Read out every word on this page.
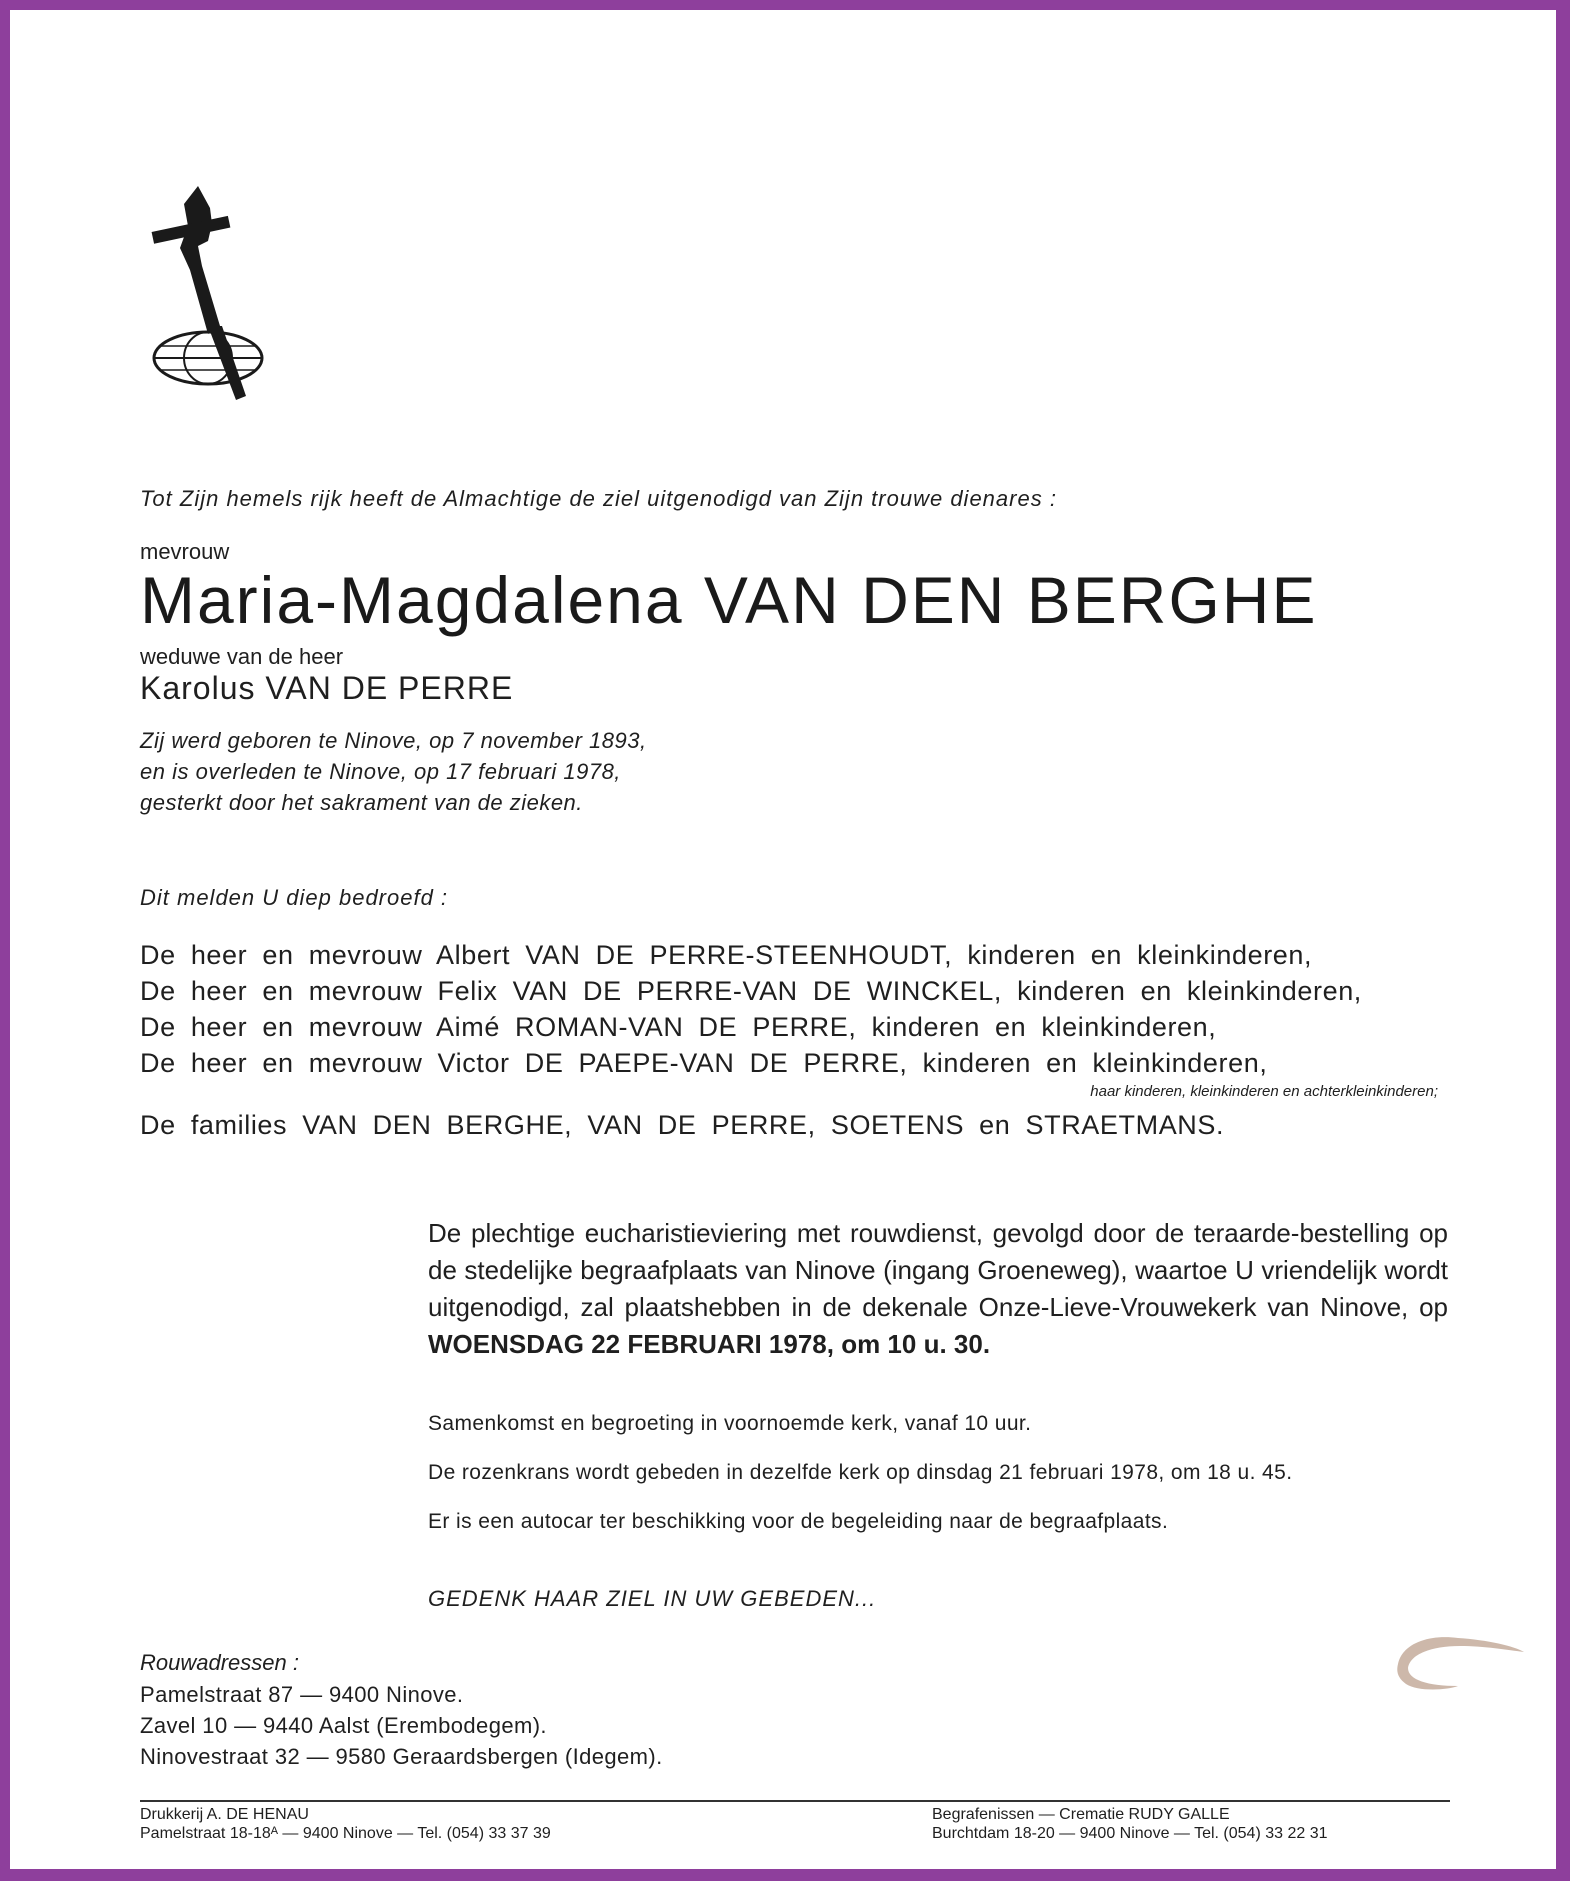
Tot Zijn hemels rijk heeft de Almachtige de ziel uitgenodigd van Zijn trouwe dienares :
mevrouw
Maria-Magdalena VAN DEN BERGHE
weduwe van de heer
Karolus VAN DE PERRE
Zij werd geboren te Ninove, op 7 november 1893,
en is overleden te Ninove, op 17 februari 1978,
gesterkt door het sakrament van de zieken.
Dit melden U diep bedroefd :
De heer en mevrouw Albert VAN DE PERRE-STEENHOUDT, kinderen en kleinkinderen,
De heer en mevrouw Felix VAN DE PERRE-VAN DE WINCKEL, kinderen en kleinkinderen,
De heer en mevrouw Aimé ROMAN-VAN DE PERRE, kinderen en kleinkinderen,
De heer en mevrouw Victor DE PAEPE-VAN DE PERRE, kinderen en kleinkinderen,
haar kinderen, kleinkinderen en achterkleinkinderen;
De families VAN DEN BERGHE, VAN DE PERRE, SOETENS en STRAETMANS.
De plechtige eucharistieviering met rouwdienst, gevolgd door de teraarde-bestelling op de stedelijke begraafplaats van Ninove (ingang Groeneweg), waartoe U vriendelijk wordt uitgenodigd, zal plaatshebben in de dekenale Onze-Lieve-Vrouwekerk van Ninove, op WOENSDAG 22 FEBRUARI 1978, om 10 u. 30.
Samenkomst en begroeting in voornoemde kerk, vanaf 10 uur.
De rozenkrans wordt gebeden in dezelfde kerk op dinsdag 21 februari 1978, om 18 u. 45.
Er is een autocar ter beschikking voor de begeleiding naar de begraafplaats.
GEDENK HAAR ZIEL IN UW GEBEDEN...
Rouwadressen :
Pamelstraat 87 — 9400 Ninove.
Zavel 10 — 9440 Aalst (Erembodegem).
Ninovestraat 32 — 9580 Geraardsbergen (Idegem).
Drukkerij A. DE HENAU
Pamelstraat 18-18ᴬ — 9400 Ninove — Tel. (054) 33 37 39
Begrafenissen — Crematie RUDY GALLE
Burchtdam 18-20 — 9400 Ninove — Tel. (054) 33 22 31
